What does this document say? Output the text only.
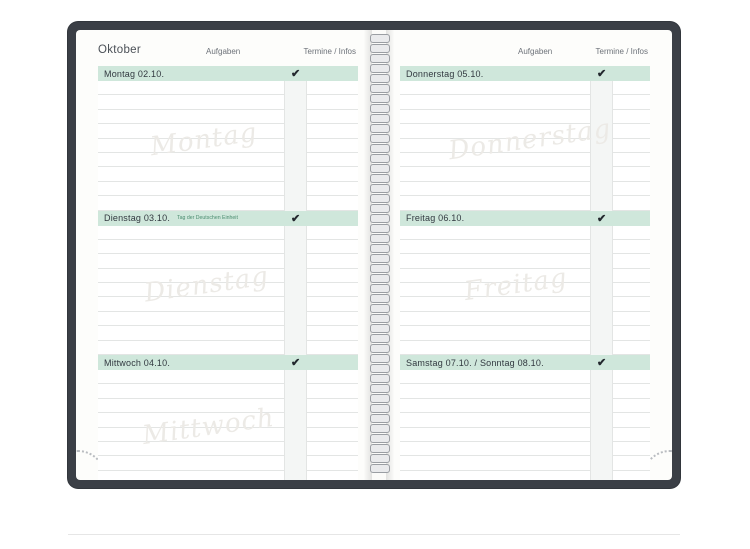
Oktober	Aufgaben	Termine / Infos
Montag 02.10.	✔
Montag
Dienstag 03.10. Tag der Deutschen Einheit	✔
Dienstag
Mittwoch 04.10.	✔
Mittwoch
Aufgaben	Termine / Infos
Donnerstag 05.10.	✔
Donnerstag
Freitag 06.10.	✔
Freitag
Samstag 07.10. / Sonntag 08.10.	✔
